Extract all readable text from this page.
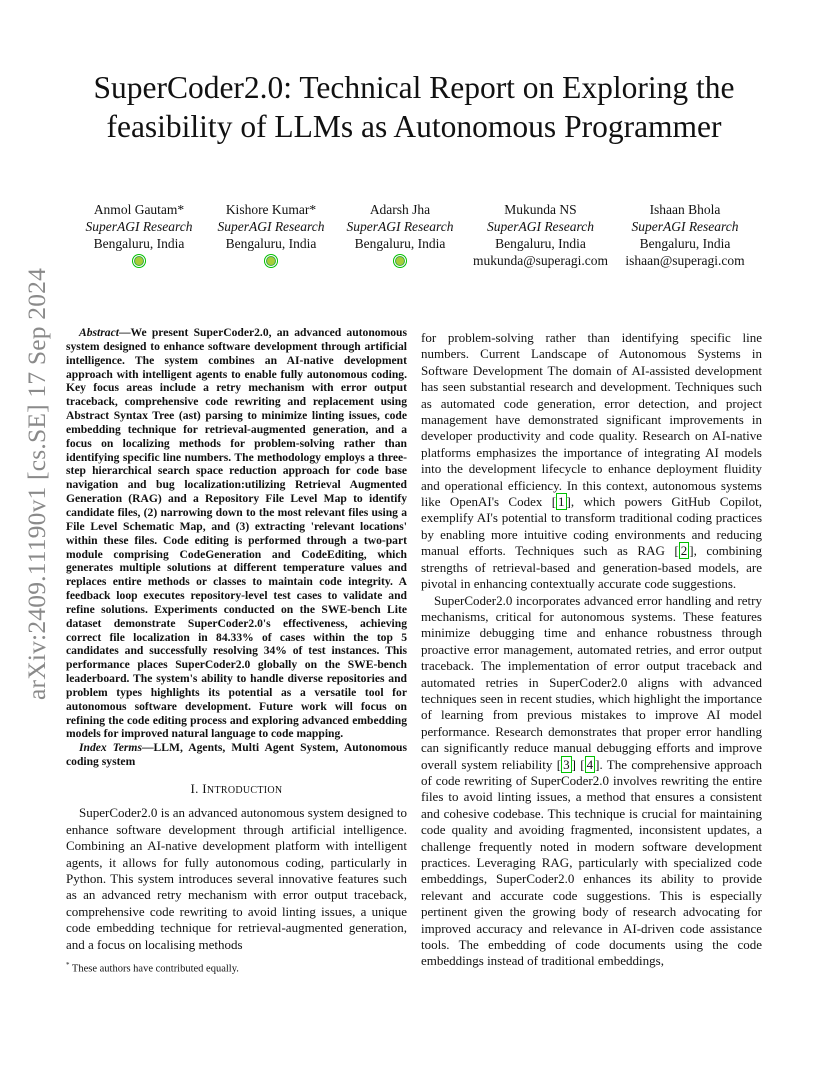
arXiv:2409.11190v1 [cs.SE] 17 Sep 2024
SuperCoder2.0: Technical Report on Exploring the
feasibility of LLMs as Autonomous Programmer
Anmol Gautam*
SuperAGI Research
Bengaluru, India
Kishore Kumar*
SuperAGI Research
Bengaluru, India
Adarsh Jha
SuperAGI Research
Bengaluru, India
Mukunda NS
SuperAGI Research
Bengaluru, India
mukunda@superagi.com
Ishaan Bhola
SuperAGI Research
Bengaluru, India
ishaan@superagi.com

Abstract—We present SuperCoder2.0, an advanced autonomous system designed to enhance software development through artificial intelligence. The system combines an AI-native development approach with intelligent agents to enable fully autonomous coding. Key focus areas include a retry mechanism with error output traceback, comprehensive code rewriting and replacement using Abstract Syntax Tree (ast) parsing to minimize linting issues, code embedding technique for retrieval-augmented generation, and a focus on localizing methods for problem-solving rather than identifying specific line numbers. The methodology employs a three-step hierarchical search space reduction approach for code base navigation and bug localization:utilizing Retrieval Augmented Generation (RAG) and a Repository File Level Map to identify candidate files, (2) narrowing down to the most relevant files using a File Level Schematic Map, and (3) extracting 'relevant locations' within these files. Code editing is performed through a two-part module comprising CodeGeneration and CodeEditing, which generates multiple solutions at different temperature values and replaces entire methods or classes to maintain code integrity. A feedback loop executes repository-level test cases to validate and refine solutions. Experiments conducted on the SWE-bench Lite dataset demonstrate SuperCoder2.0's effectiveness, achieving correct file localization in 84.33% of cases within the top 5 candidates and successfully resolving 34% of test instances. This performance places SuperCoder2.0 globally on the SWE-bench leaderboard. The system's ability to handle diverse repositories and problem types highlights its potential as a versatile tool for autonomous software development. Future work will focus on refining the code editing process and exploring advanced embedding models for improved natural language to code mapping.

Index Terms—LLM, Agents, Multi Agent System, Autonomous coding system

I. INTRODUCTION

SuperCoder2.0 is an advanced autonomous system designed to enhance software development through artificial intelligence. Combining an AI-native development platform with intelligent agents, it allows for fully autonomous coding, particularly in Python. This system introduces several innovative features such as an advanced retry mechanism with error output traceback, comprehensive code rewriting to avoid linting issues, a unique code embedding technique for retrieval-augmented generation, and a focus on localising methods

for problem-solving rather than identifying specific line numbers. Current Landscape of Autonomous Systems in Software Development The domain of AI-assisted development has seen substantial research and development. Techniques such as automated code generation, error detection, and project management have demonstrated significant improvements in developer productivity and code quality. Research on AI-native platforms emphasizes the importance of integrating AI models into the development lifecycle to enhance deployment fluidity and operational efficiency. In this context, autonomous systems like OpenAI's Codex [ 1 ], which powers GitHub Copilot, exemplify AI's potential to transform traditional coding practices by enabling more intuitive coding environments and reducing manual efforts. Techniques such as RAG [ 2 ], combining strengths of retrieval-based and generation-based models, are pivotal in enhancing contextually accurate code suggestions.

SuperCoder2.0 incorporates advanced error handling and retry mechanisms, critical for autonomous systems. These features minimize debugging time and enhance robustness through proactive error management, automated retries, and error output traceback. The implementation of error output traceback and automated retries in SuperCoder2.0 aligns with advanced techniques seen in recent studies, which highlight the importance of learning from previous mistakes to improve AI model performance. Research demonstrates that proper error handling can significantly reduce manual debugging efforts and improve overall system reliability [ 3 ] [ 4 ]. The comprehensive approach of code rewriting of SuperCoder2.0 involves rewriting the entire files to avoid linting issues, a method that ensures a consistent and cohesive codebase. This technique is crucial for maintaining code quality and avoiding fragmented, inconsistent updates, a challenge frequently noted in modern software development practices. Leveraging RAG, particularly with specialized code embeddings, SuperCoder2.0 enhances its ability to provide relevant and accurate code suggestions. This is especially pertinent given the growing body of research advocating for improved accuracy and relevance in AI-driven code assistance tools. The embedding of code documents using the code embeddings instead of traditional embeddings,

* These authors have contributed equally.
